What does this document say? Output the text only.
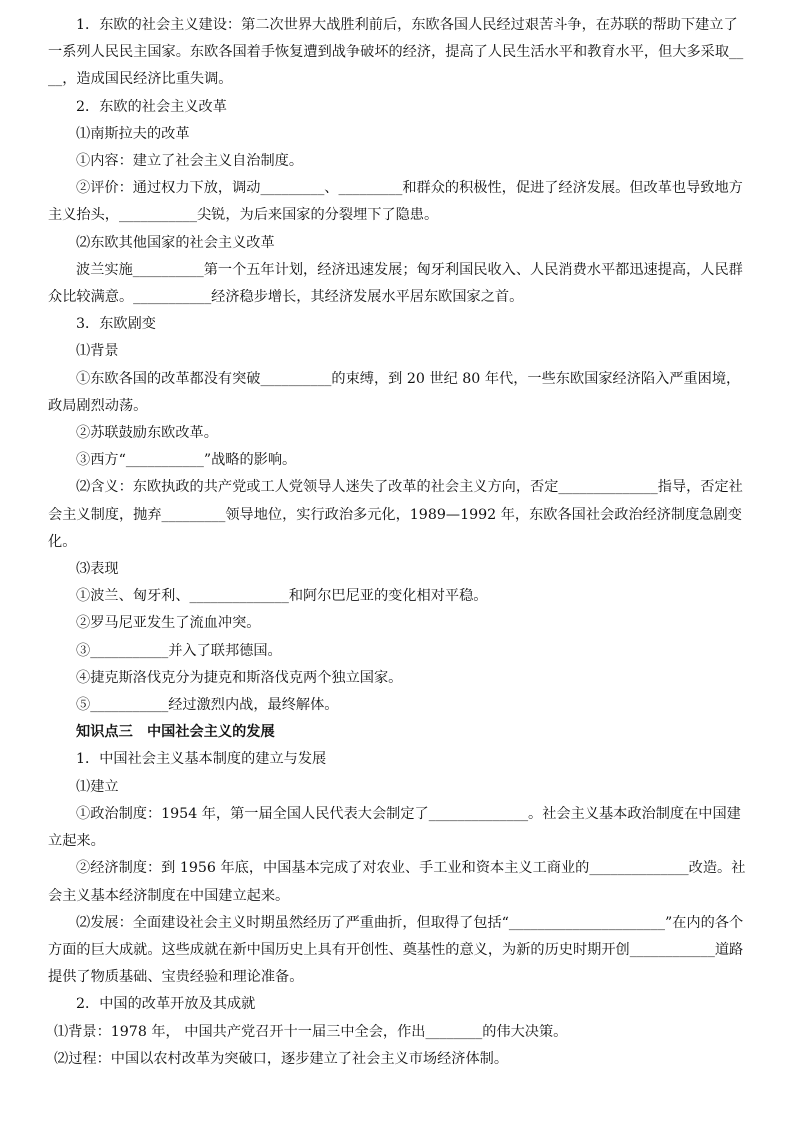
1．东欧的社会主义建设：第二次世界大战胜利前后，东欧各国人民经过艰苦斗争，在苏联的帮助下建立了一系列人民民主国家。东欧各国着手恢复遭到战争破坏的经济，提高了人民生活水平和教育水平，但大多采取____，造成国民经济比重失调。

2．东欧的社会主义改革

⑴南斯拉夫的改革

①内容：建立了社会主义自治制度。

②评价：通过权力下放，调动_________、_________和群众的积极性，促进了经济发展。但改革也导致地方主义抬头，___________尖锐，为后来国家的分裂埋下了隐患。

⑵东欧其他国家的社会主义改革

波兰实施__________第一个五年计划，经济迅速发展；匈牙利国民收入、人民消费水平都迅速提高，人民群众比较满意。___________经济稳步增长，其经济发展水平居东欧国家之首。

3．东欧剧变

⑴背景

①东欧各国的改革都没有突破__________的束缚，到 20 世纪 80 年代，一些东欧国家经济陷入严重困境，政局剧烈动荡。

②苏联鼓励东欧改革。

③西方“___________”战略的影响。

⑵含义：东欧执政的共产党或工人党领导人迷失了改革的社会主义方向，否定______________指导，否定社会主义制度，抛弃_________领导地位，实行政治多元化，1989—1992 年，东欧各国社会政治经济制度急剧变化。

⑶表现

①波兰、匈牙利、______________和阿尔巴尼亚的变化相对平稳。

②罗马尼亚发生了流血冲突。

③___________并入了联邦德国。

④捷克斯洛伐克分为捷克和斯洛伐克两个独立国家。

⑤___________经过激烈内战，最终解体。

知识点三　中国社会主义的发展

1．中国社会主义基本制度的建立与发展

⑴建立

①政治制度：1954 年，第一届全国人民代表大会制定了______________。社会主义基本政治制度在中国建立起来。

②经济制度：到 1956 年底，中国基本完成了对农业、手工业和资本主义工商业的______________改造。社会主义基本经济制度在中国建立起来。

⑵发展：全面建设社会主义时期虽然经历了严重曲折，但取得了包括“______________________”在内的各个方面的巨大成就。这些成就在新中国历史上具有开创性、奠基性的意义，为新的历史时期开创____________道路提供了物质基础、宝贵经验和理论准备。

2．中国的改革开放及其成就

⑴背景：1978 年， 中国共产党召开十一届三中全会，作出________的伟大决策。

⑵过程：中国以农村改革为突破口，逐步建立了社会主义市场经济体制。
